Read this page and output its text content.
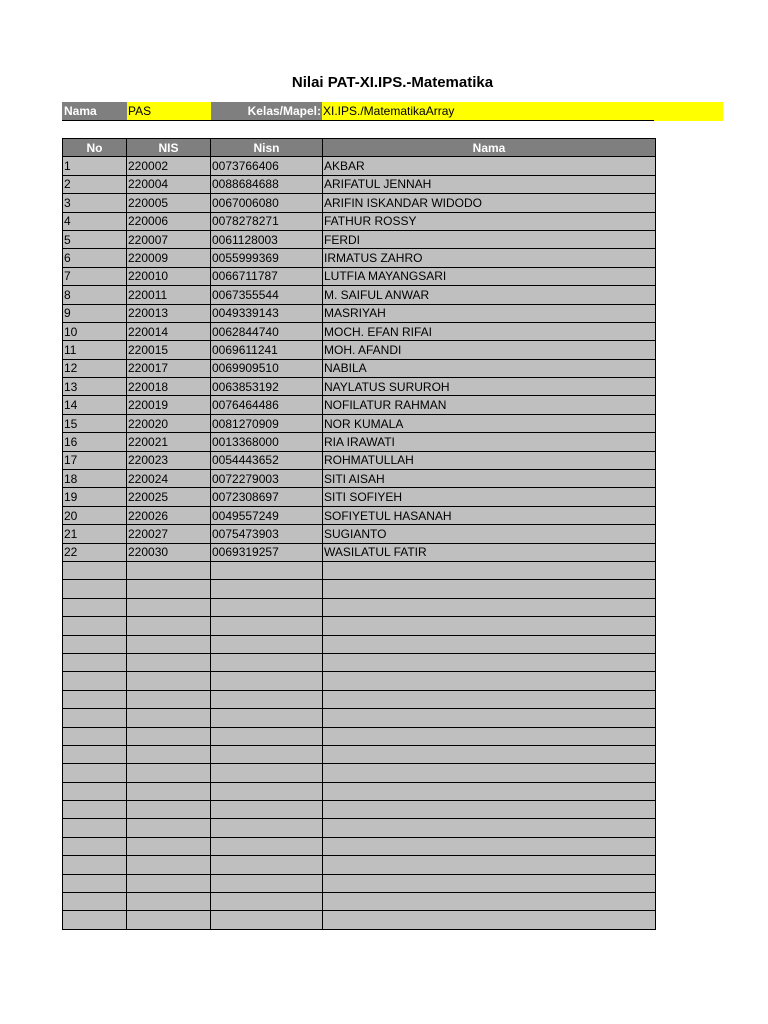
Nilai PAT-XI.IPS.-Matematika
Nama	PAS	Kelas/Mapel: XI.IPS./MatematikaArray
No	NIS	Nisn	Nama
1	220002	0073766406	AKBAR
2	220004	0088684688	ARIFATUL JENNAH
3	220005	0067006080	ARIFIN ISKANDAR WIDODO
4	220006	0078278271	FATHUR ROSSY
5	220007	0061128003	FERDI
6	220009	0055999369	IRMATUS ZAHRO
7	220010	0066711787	LUTFIA MAYANGSARI
8	220011	0067355544	M. SAIFUL ANWAR
9	220013	0049339143	MASRIYAH
10	220014	0062844740	MOCH. EFAN RIFAI
11	220015	0069611241	MOH. AFANDI
12	220017	0069909510	NABILA
13	220018	0063853192	NAYLATUS SURUROH
14	220019	0076464486	NOFILATUR RAHMAN
15	220020	0081270909	NOR KUMALA
16	220021	0013368000	RIA IRAWATI
17	220023	0054443652	ROHMATULLAH
18	220024	0072279003	SITI AISAH
19	220025	0072308697	SITI SOFIYEH
20	220026	0049557249	SOFIYETUL HASANAH
21	220027	0075473903	SUGIANTO
22	220030	0069319257	WASILATUL FATIR
